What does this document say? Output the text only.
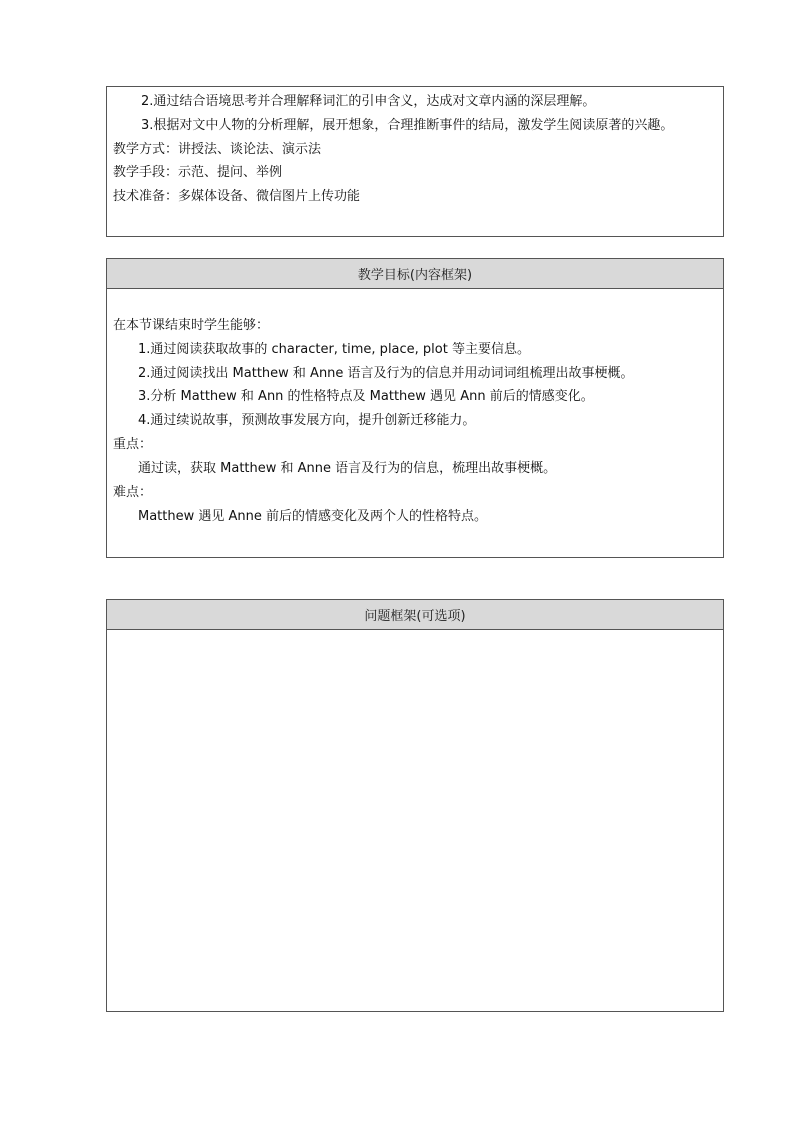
2.通过结合语境思考并合理解释词汇的引申含义，达成对文章内涵的深层理解。
3.根据对文中人物的分析理解，展开想象，合理推断事件的结局，激发学生阅读原著的兴趣。
教学方式：讲授法、谈论法、演示法
教学手段：示范、提问、举例
技术准备：多媒体设备、微信图片上传功能
教学目标(内容框架)
在本节课结束时学生能够：
1.通过阅读获取故事的 character, time, place, plot 等主要信息。
2.通过阅读找出 Matthew 和 Anne 语言及行为的信息并用动词词组梳理出故事梗概。
3.分析 Matthew 和 Ann 的性格特点及 Matthew 遇见 Ann 前后的情感变化。
4.通过续说故事，预测故事发展方向，提升创新迁移能力。
重点：
通过读，获取 Matthew 和 Anne 语言及行为的信息，梳理出故事梗概。
难点：
Matthew 遇见 Anne 前后的情感变化及两个人的性格特点。
问题框架(可选项)
